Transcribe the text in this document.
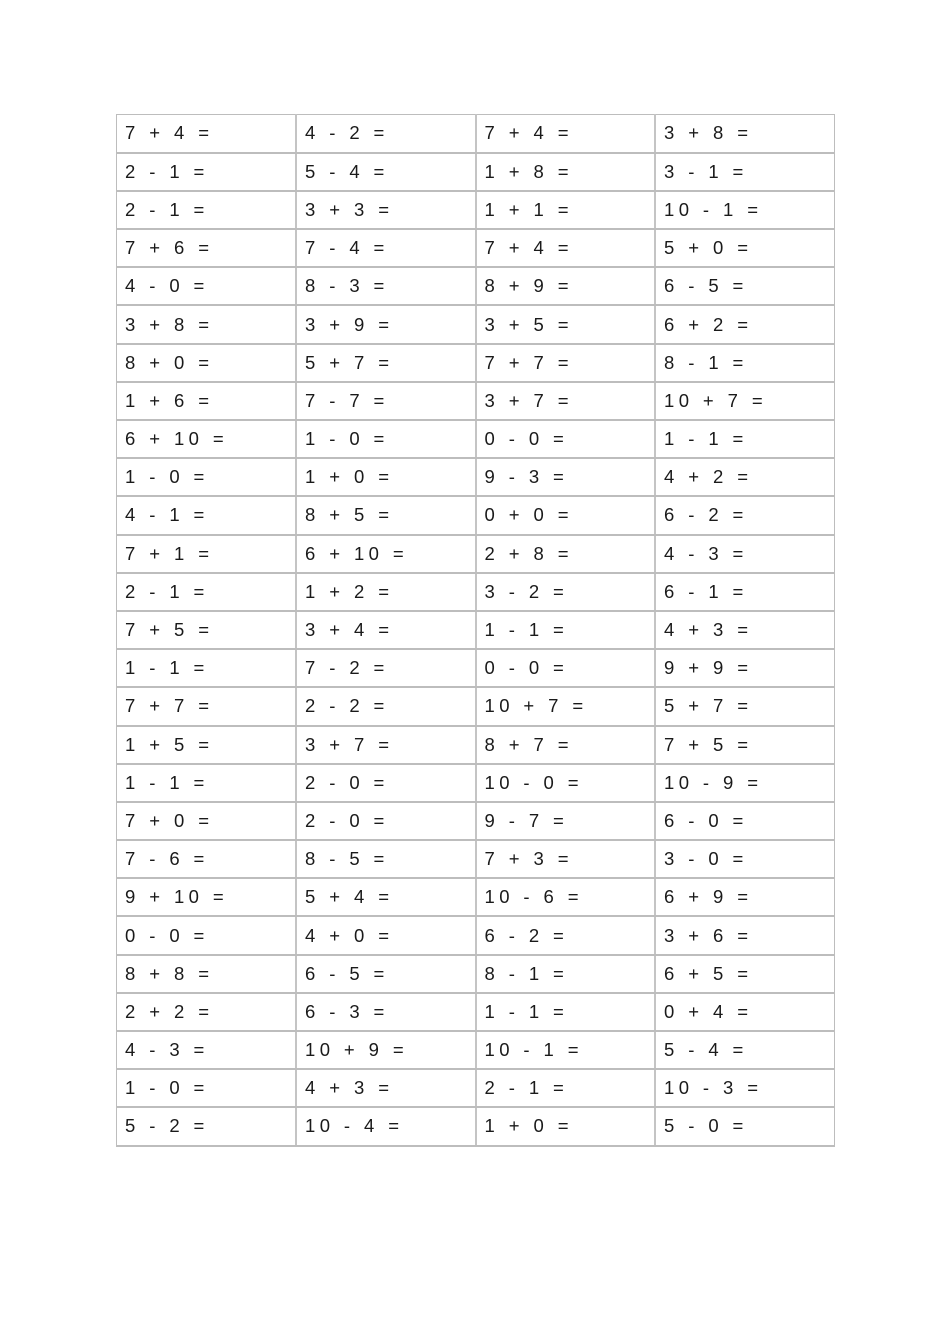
7 + 4 =	4 - 2 =	7 + 4 =	3 + 8 =
2 - 1 =	5 - 4 =	1 + 8 =	3 - 1 =
2 - 1 =	3 + 3 =	1 + 1 =	10 - 1 =
7 + 6 =	7 - 4 =	7 + 4 =	5 + 0 =
4 - 0 =	8 - 3 =	8 + 9 =	6 - 5 =
3 + 8 =	3 + 9 =	3 + 5 =	6 + 2 =
8 + 0 =	5 + 7 =	7 + 7 =	8 - 1 =
1 + 6 =	7 - 7 =	3 + 7 =	10 + 7 =
6 + 10 =	1 - 0 =	0 - 0 =	1 - 1 =
1 - 0 =	1 + 0 =	9 - 3 =	4 + 2 =
4 - 1 =	8 + 5 =	0 + 0 =	6 - 2 =
7 + 1 =	6 + 10 =	2 + 8 =	4 - 3 =
2 - 1 =	1 + 2 =	3 - 2 =	6 - 1 =
7 + 5 =	3 + 4 =	1 - 1 =	4 + 3 =
1 - 1 =	7 - 2 =	0 - 0 =	9 + 9 =
7 + 7 =	2 - 2 =	10 + 7 =	5 + 7 =
1 + 5 =	3 + 7 =	8 + 7 =	7 + 5 =
1 - 1 =	2 - 0 =	10 - 0 =	10 - 9 =
7 + 0 =	2 - 0 =	9 - 7 =	6 - 0 =
7 - 6 =	8 - 5 =	7 + 3 =	3 - 0 =
9 + 10 =	5 + 4 =	10 - 6 =	6 + 9 =
0 - 0 =	4 + 0 =	6 - 2 =	3 + 6 =
8 + 8 =	6 - 5 =	8 - 1 =	6 + 5 =
2 + 2 =	6 - 3 =	1 - 1 =	0 + 4 =
4 - 3 =	10 + 9 =	10 - 1 =	5 - 4 =
1 - 0 =	4 + 3 =	2 - 1 =	10 - 3 =
5 - 2 =	10 - 4 =	1 + 0 =	5 - 0 =
